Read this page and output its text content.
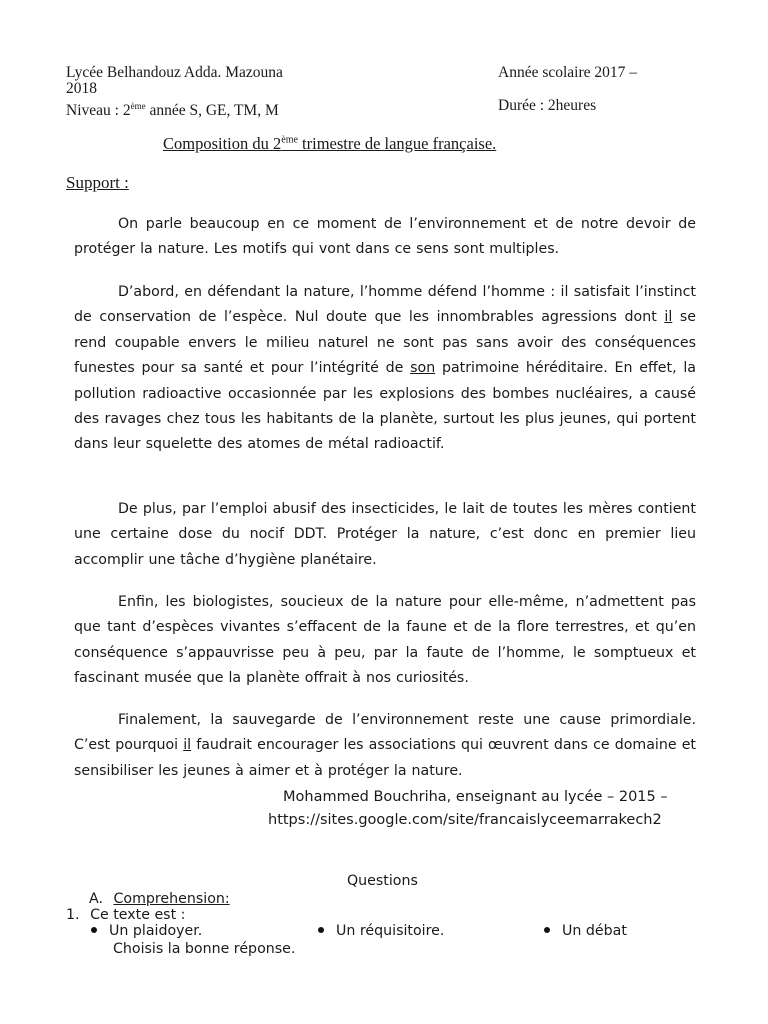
Lycée Belhandouz Adda. Mazouna	Année scolaire 2017 –
2018
Niveau : 2ème année S, GE, TM, M	Durée : 2heures
Composition du 2ème trimestre de langue française.
Support :
On parle beaucoup en ce moment de l’environnement et de notre devoir de protéger la nature. Les motifs qui vont dans ce sens sont multiples.
D’abord, en défendant la nature, l’homme défend l’homme : il satisfait l’instinct de conservation de l’espèce. Nul doute que les innombrables agressions dont il se rend coupable envers le milieu naturel ne sont pas sans avoir des conséquences funestes pour sa santé et pour l’intégrité de son patrimoine héréditaire. En effet, la pollution radioactive occasionnée par les explosions des bombes nucléaires, a causé des ravages chez tous les habitants de la planète, surtout les plus jeunes, qui portent dans leur squelette des atomes de métal radioactif.
De plus, par l’emploi abusif des insecticides, le lait de toutes les mères contient une certaine dose du nocif DDT. Protéger la nature, c’est donc en premier lieu accomplir une tâche d’hygiène planétaire.
Enfin, les biologistes, soucieux de la nature pour elle-même, n’admettent pas que tant d’espèces vivantes s’effacent de la faune et de la flore terrestres, et qu’en conséquence s’appauvrisse peu à peu, par la faute de l’homme, le somptueux et fascinant musée que la planète offrait à nos curiosités.
Finalement, la sauvegarde de l’environnement reste une cause primordiale. C’est pourquoi il faudrait encourager les associations qui œuvrent dans ce domaine et sensibiliser les jeunes à aimer et à protéger la nature.
Mohammed Bouchriha, enseignant au lycée – 2015 –
https://sites.google.com/site/francaislyceemarrakech2
Questions
A. Comprehension:
1. Ce texte est :
Un plaidoyer.	Un réquisitoire.	Un débat
Choisis la bonne réponse.
